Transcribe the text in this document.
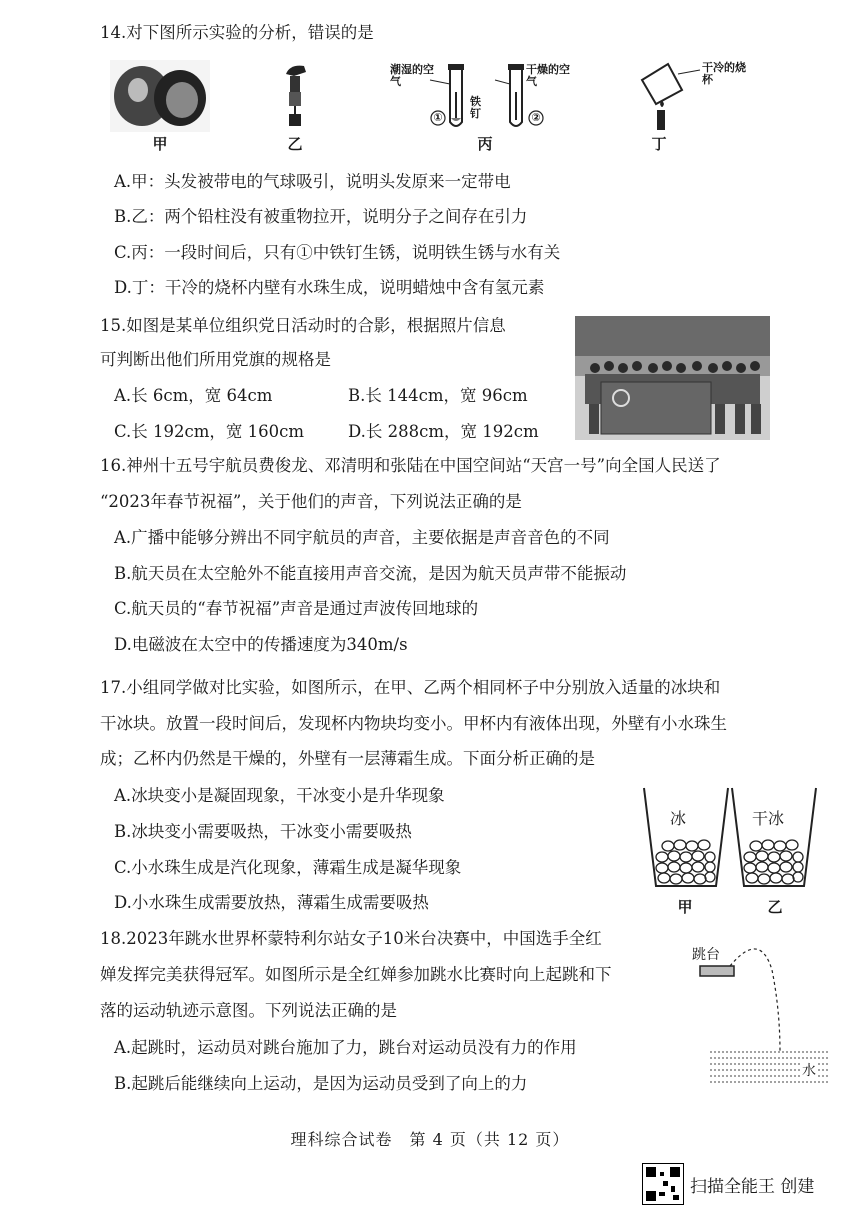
14.对下图所示实验的分析，错误的是
甲	乙
潮湿的空气
干燥的空气
铁钉
①	②
丙
干冷的烧杯
丁
A.甲：头发被带电的气球吸引，说明头发原来一定带电
B.乙：两个铅柱没有被重物拉开，说明分子之间存在引力
C.丙：一段时间后，只有①中铁钉生锈，说明铁生锈与水有关
D.丁：干冷的烧杯内壁有水珠生成，说明蜡烛中含有氢元素
15.如图是某单位组织党日活动时的合影，根据照片信息
可判断出他们所用党旗的规格是
A.长 6cm，宽 64cm	B.长 144cm，宽 96cm
C.长 192cm，宽 160cm	D.长 288cm，宽 192cm
16.神州十五号宇航员费俊龙、邓清明和张陆在中国空间站“天宫一号”向全国人民送了
“2023年春节祝福”，关于他们的声音，下列说法正确的是
A.广播中能够分辨出不同宇航员的声音，主要依据是声音音色的不同
B.航天员在太空舱外不能直接用声音交流，是因为航天员声带不能振动
C.航天员的“春节祝福”声音是通过声波传回地球的
D.电磁波在太空中的传播速度为340m/s
17.小组同学做对比实验，如图所示，在甲、乙两个相同杯子中分别放入适量的冰块和
干冰块。放置一段时间后，发现杯内物块均变小。甲杯内有液体出现，外壁有小水珠生
成；乙杯内仍然是干燥的，外壁有一层薄霜生成。下面分析正确的是
A.冰块变小是凝固现象，干冰变小是升华现象
B.冰块变小需要吸热，干冰变小需要吸热
C.小水珠生成是汽化现象，薄霜生成是凝华现象
D.小水珠生成需要放热，薄霜生成需要吸热
冰	干冰
甲	乙
18.2023年跳水世界杯蒙特利尔站女子10米台决赛中，中国选手全红
婵发挥完美获得冠军。如图所示是全红婵参加跳水比赛时向上起跳和下
落的运动轨迹示意图。下列说法正确的是
A.起跳时，运动员对跳台施加了力，跳台对运动员没有力的作用
B.起跳后能继续向上运动，是因为运动员受到了向上的力
跳台
水
理科综合试卷　第 4 页（共 12 页）
扫描全能王 创建
